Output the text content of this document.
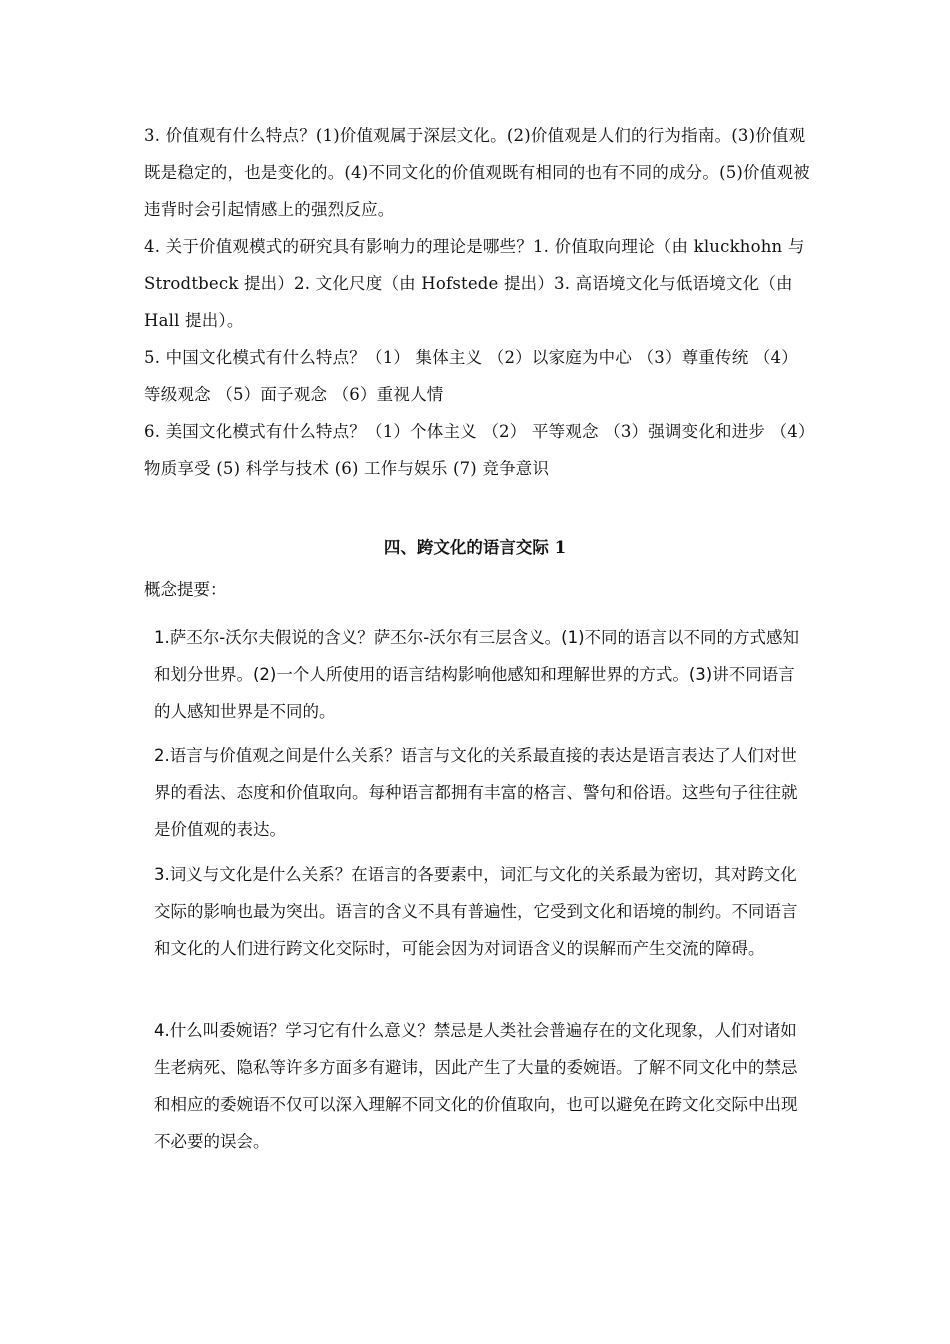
3. 价值观有什么特点？(1)价值观属于深层文化。(2)价值观是人们的行为指南。(3)价值观既是稳定的，也是变化的。(4)不同文化的价值观既有相同的也有不同的成分。(5)价值观被违背时会引起情感上的强烈反应。

4. 关于价值观模式的研究具有影响力的理论是哪些？1. 价值取向理论（由 kluckhohn 与 Strodtbeck 提出）2. 文化尺度（由 Hofstede 提出）3. 高语境文化与低语境文化（由 Hall 提出）。

5. 中国文化模式有什么特点？（1） 集体主义 （2）以家庭为中心 （3）尊重传统 （4）等级观念 （5）面子观念 （6）重视人情

6. 美国文化模式有什么特点？（1）个体主义 （2） 平等观念 （3）强调变化和进步 （4）物质享受 (5) 科学与技术 (6) 工作与娱乐 (7) 竞争意识

四、跨文化的语言交际 1
概念提要：

1.萨丕尔-沃尔夫假说的含义？萨丕尔-沃尔有三层含义。(1)不同的语言以不同的方式感知和划分世界。(2)一个人所使用的语言结构影响他感知和理解世界的方式。(3)讲不同语言的人感知世界是不同的。

2.语言与价值观之间是什么关系？语言与文化的关系最直接的表达是语言表达了人们对世界的看法、态度和价值取向。每种语言都拥有丰富的格言、警句和俗语。这些句子往往就是价值观的表达。

3.词义与文化是什么关系？在语言的各要素中，词汇与文化的关系最为密切，其对跨文化交际的影响也最为突出。语言的含义不具有普遍性，它受到文化和语境的制约。不同语言和文化的人们进行跨文化交际时，可能会因为对词语含义的误解而产生交流的障碍。

4.什么叫委婉语？学习它有什么意义？禁忌是人类社会普遍存在的文化现象，人们对诸如生老病死、隐私等许多方面多有避讳，因此产生了大量的委婉语。了解不同文化中的禁忌和相应的委婉语不仅可以深入理解不同文化的价值取向，也可以避免在跨文化交际中出现不必要的误会。
